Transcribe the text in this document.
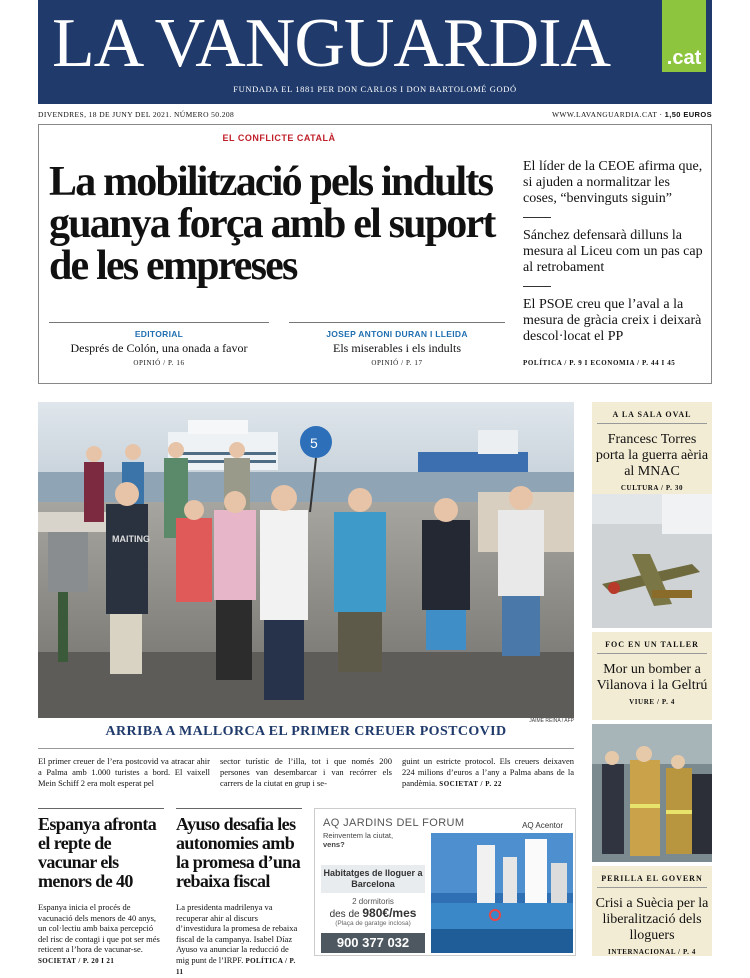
LA VANGUARDIA	.cat
FUNDADA EL 1881 PER DON CARLOS I DON BARTOLOMÉ GODÓ
DIVENDRES, 18 DE JUNY DEL 2021. NÚMERO 50.208	WWW.LAVANGUARDIA.CAT · 1,50 EUROS
EL CONFLICTE CATALÀ
La mobilització pels indults guanya força amb el suport de les empreses
EDITORIAL
Després de Colón, una onada a favor
OPINIÓ / P. 16
JOSEP ANTONI DURAN I LLEIDA
Els miserables i els indults
OPINIÓ / P. 17
El líder de la CEOE afirma que, si ajuden a normalitzar les coses, “benvinguts siguin”
Sánchez defensarà dilluns la mesura al Liceu com un pas cap al retrobament
El PSOE creu que l’aval a la mesura de gràcia creix i deixarà descol·locat el PP
POLÍTICA / P. 9 I ECONOMIA / P. 44 I 45
5
MAITING
JAIME REINA / AFP
ARRIBA A MALLORCA EL PRIMER CREUER POSTCOVID
El primer creuer de l’era postcovid va atracar ahir a Palma amb 1.000 turistes a bord. El vaixell Mein Schiff 2 era molt esperat pel
sector turístic de l’illa, tot i que només 200 persones van desembarcar i van recórrer els carrers de la ciutat en grup i se-
guint un estricte protocol. Els creuers deixaven 224 milions d’euros a l’any a Palma abans de la pandèmia. SOCIETAT / P. 22
Espanya afronta el repte de vacunar els menors de 40
Espanya inicia el procés de vacunació dels menors de 40 anys, un col·lectiu amb baixa percepció del risc de contagi i que pot ser més reticent a l’hora de vacunar-se. SOCIETAT / P. 20 I 21
Ayuso desafia les autonomies amb la promesa d’una rebaixa fiscal
La presidenta madrilenya va recuperar ahir al discurs d’investidura la promesa de rebaixa fiscal de la campanya. Isabel Díaz Ayuso va anunciar la reducció de mig punt de l’IRPF. POLÍTICA / P. 11
AQ JARDINS DEL FORUM	AQ Acentor
Reinventem la ciutat,
vens?
Habitatges de lloguer a Barcelona
2 dormitoris
des de 980€/mes
(Plaça de garatge inclosa)
900 377 032
A LA SALA OVAL
Francesc Torres porta la guerra aèria al MNAC
CULTURA / P. 30
FOC EN UN TALLER
Mor un bomber a Vilanova i la Geltrú
VIURE / P. 4
PERILLA EL GOVERN
Crisi a Suècia per la liberalització dels lloguers
INTERNACIONAL / P. 4
